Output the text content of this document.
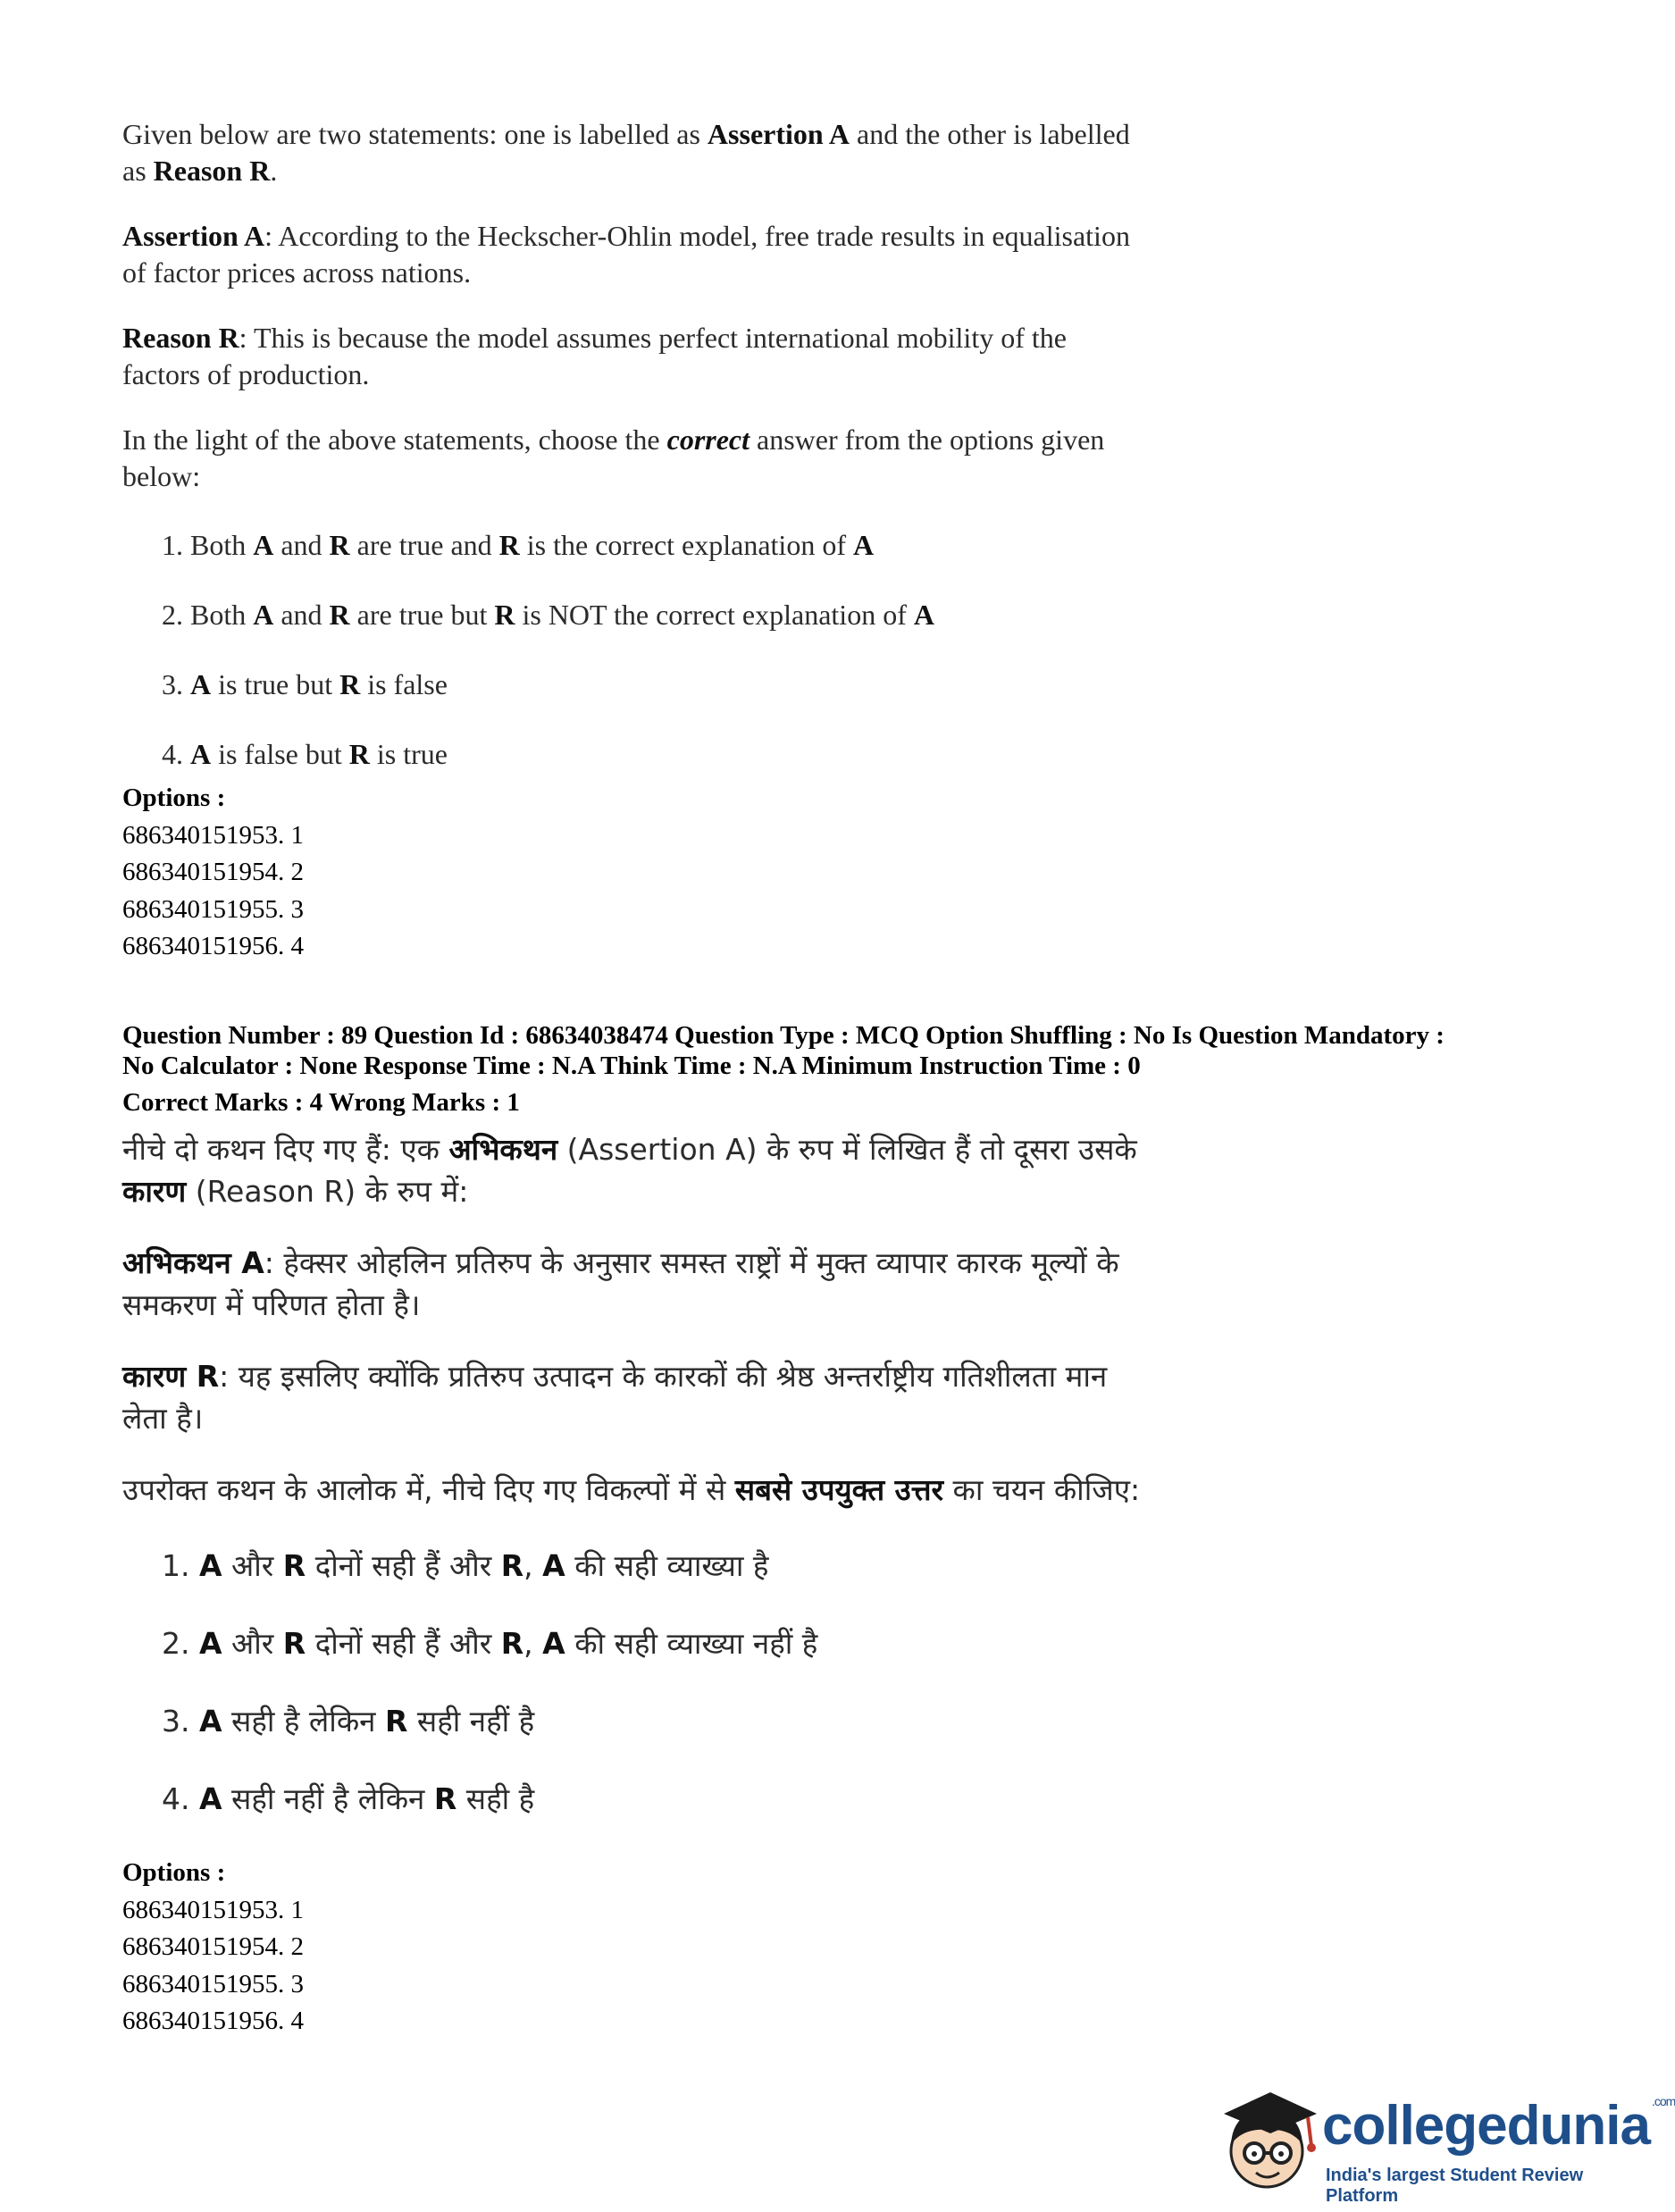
Given below are two statements: one is labelled as Assertion A and the other is labelled as Reason R.

Assertion A: According to the Heckscher-Ohlin model, free trade results in equalisation of factor prices across nations.

Reason R: This is because the model assumes perfect international mobility of the factors of production.

In the light of the above statements, choose the correct answer from the options given below:

1. Both A and R are true and R is the correct explanation of A
2. Both A and R are true but R is NOT the correct explanation of A
3. A is true but R is false
4. A is false but R is true
Options :
686340151953. 1
686340151954. 2
686340151955. 3
686340151956. 4
Question Number : 89 Question Id : 68634038474 Question Type : MCQ Option Shuffling : No Is Question Mandatory :
No Calculator : None Response Time : N.A Think Time : N.A Minimum Instruction Time : 0
Correct Marks : 4 Wrong Marks : 1

नीचे दो कथन दिए गए हैं: एक अभिकथन (Assertion A) के रुप में लिखित हैं तो दूसरा उसके कारण (Reason R) के रुप में:

अभिकथन A: हेक्सर ओहलिन प्रतिरुप के अनुसार समस्त राष्ट्रों में मुक्त व्यापार कारक मूल्यों के समकरण में परिणत होता है।

कारण R: यह इसलिए क्योंकि प्रतिरुप उत्पादन के कारकों की श्रेष्ठ अन्तर्राष्ट्रीय गतिशीलता मान लेता है।

उपरोक्त कथन के आलोक में, नीचे दिए गए विकल्पों में से सबसे उपयुक्त उत्तर का चयन कीजिए:

1. A और R दोनों सही हैं और R, A की सही व्याख्या है
2. A और R दोनों सही हैं और R, A की सही व्याख्या नहीं है
3. A सही है लेकिन R सही नहीं है
4. A सही नहीं है लेकिन R सही है
Options :
686340151953. 1
686340151954. 2
686340151955. 3
686340151956. 4
collegedunia $^{.com}$
India's largest Student Review Platform
